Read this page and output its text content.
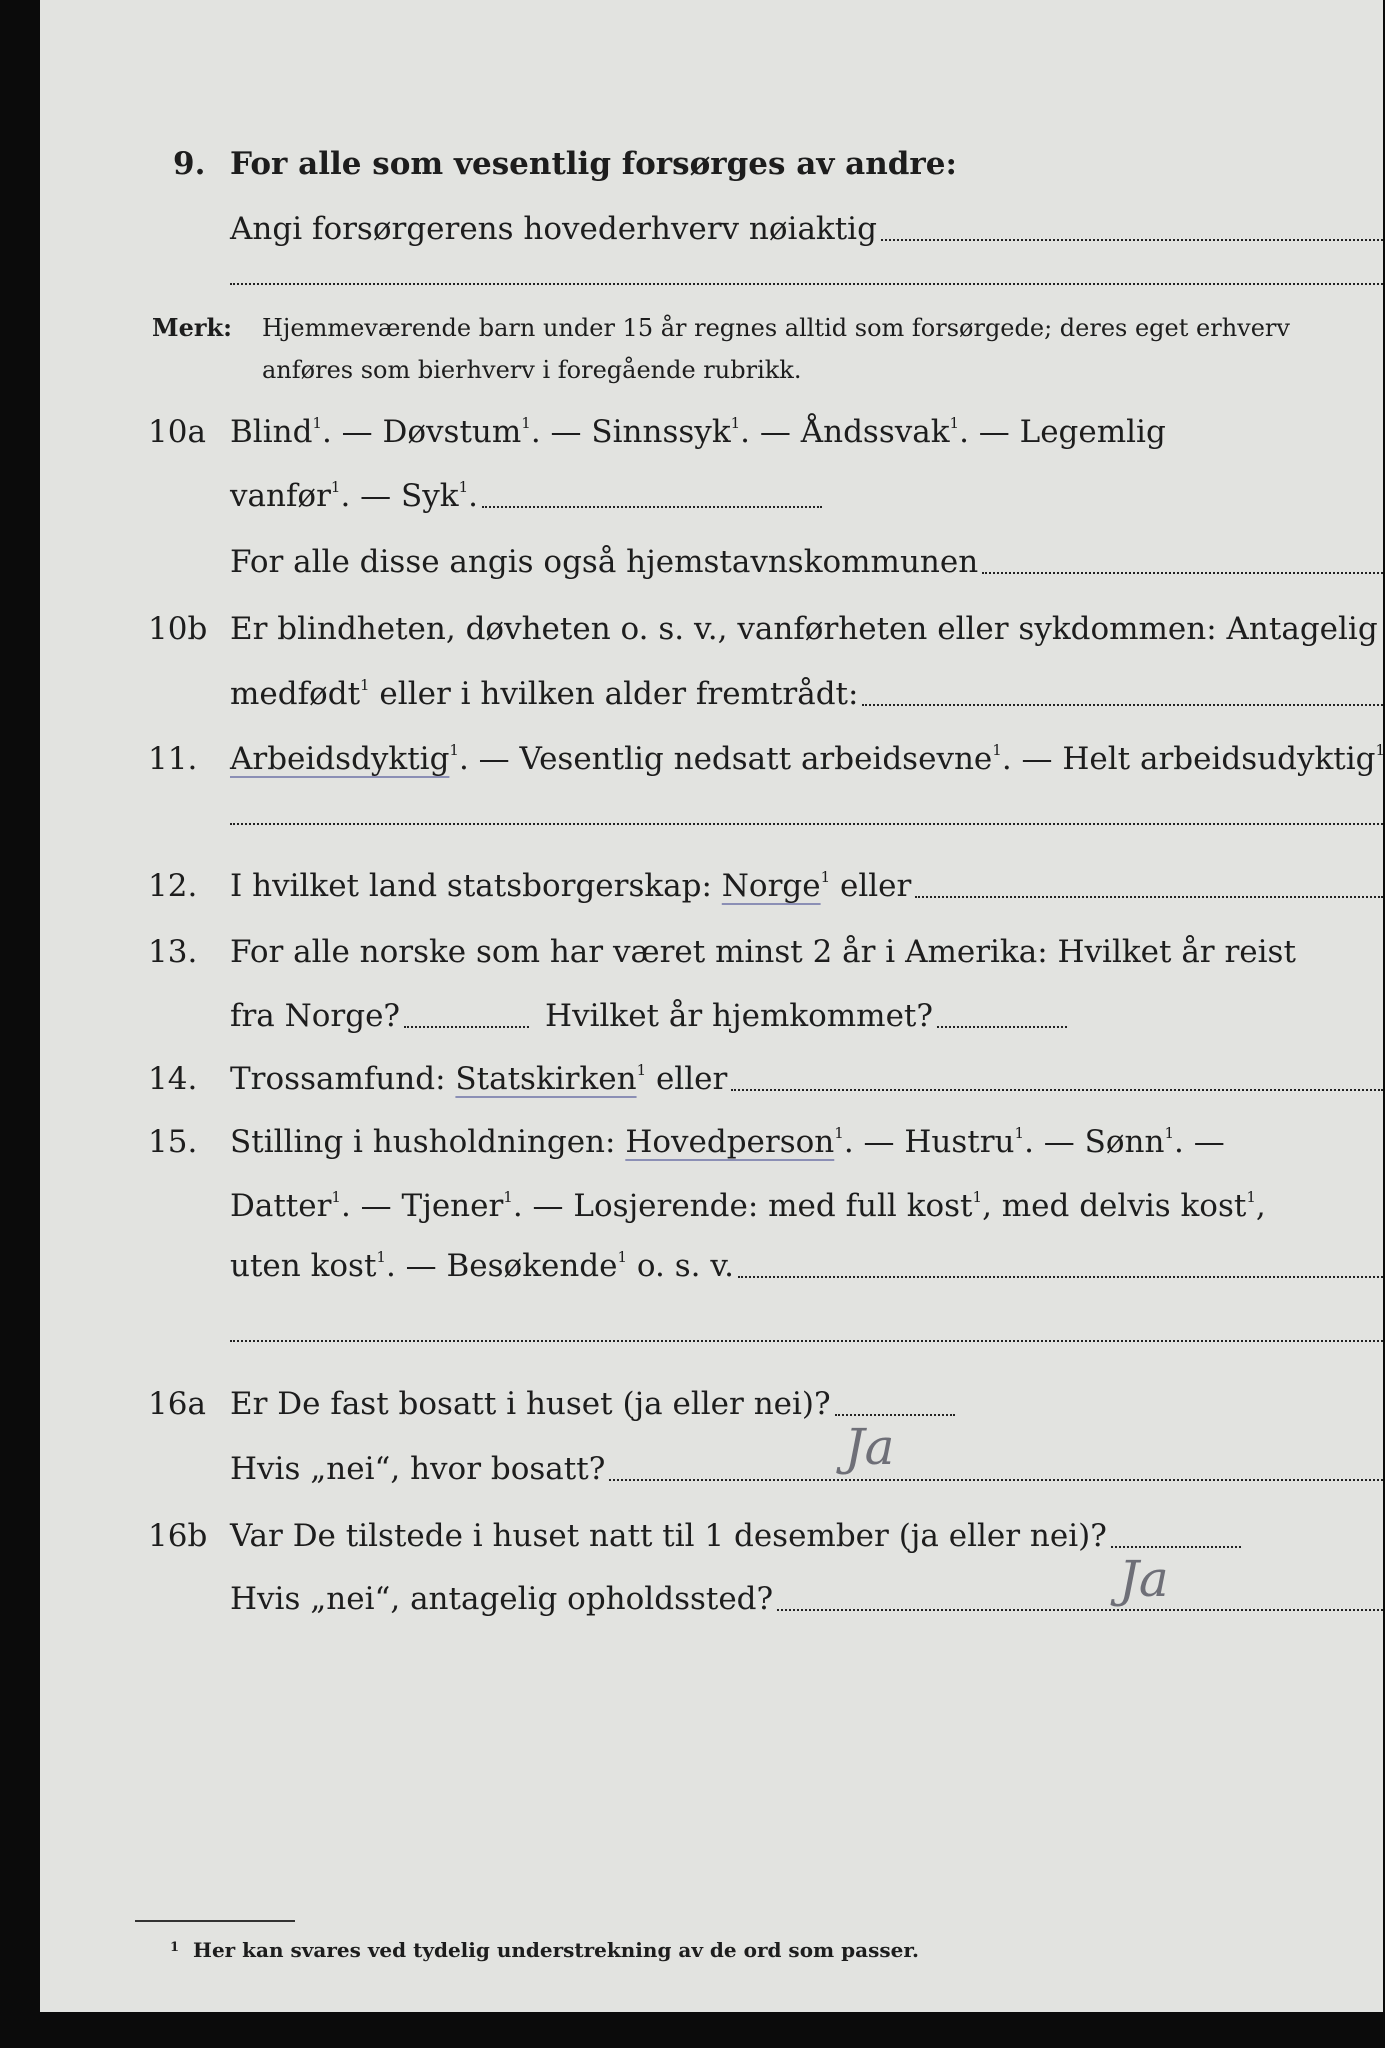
9. For alle som vesentlig forsørges av andre:
Angi forsørgerens hovederhverv nøiaktig
Merk: Hjemmeværende barn under 15 år regnes alltid som forsørgede; deres eget erhverv
anføres som bierhverv i foregående rubrikk.
10a Blind$^1$. — Døvstum$^1$. — Sinnssyk$^1$. — Åndssvak$^1$. — Legemlig
vanfør$^1$. — Syk$^1$.
For alle disse angis også hjemstavnskommunen
10b Er blindheten, døvheten o. s. v., vanførheten eller sykdommen: Antagelig
medfødt$^1$ eller i hvilken alder fremtrådt:
11. Arbeidsdyktig$^1$. — Vesentlig nedsatt arbeidsevne$^1$. — Helt arbeidsudyktig$^1$
12. I hvilket land statsborgerskap: Norge$^1$ eller
13. For alle norske som har været minst 2 år i Amerika: Hvilket år reist
fra Norge?	Hvilket år hjemkommet?
14. Trossamfund: Statskirken$^1$ eller
15. Stilling i husholdningen: Hovedperson$^1$. — Hustru$^1$. — Sønn$^1$. —
Datter$^1$. — Tjener$^1$. — Losjerende: med full kost$^1$, med delvis kost$^1$,
uten kost$^1$. — Besøkende$^1$ o. s. v.
16a Er De fast bosatt i huset (ja eller nei)?
Ja
Hvis „nei“, hvor bosatt?
16b Var De tilstede i huset natt til 1 desember (ja eller nei)?
Ja
Hvis „nei“, antagelig opholdssted?
$^1$ Her kan svares ved tydelig understrekning av de ord som passer.
